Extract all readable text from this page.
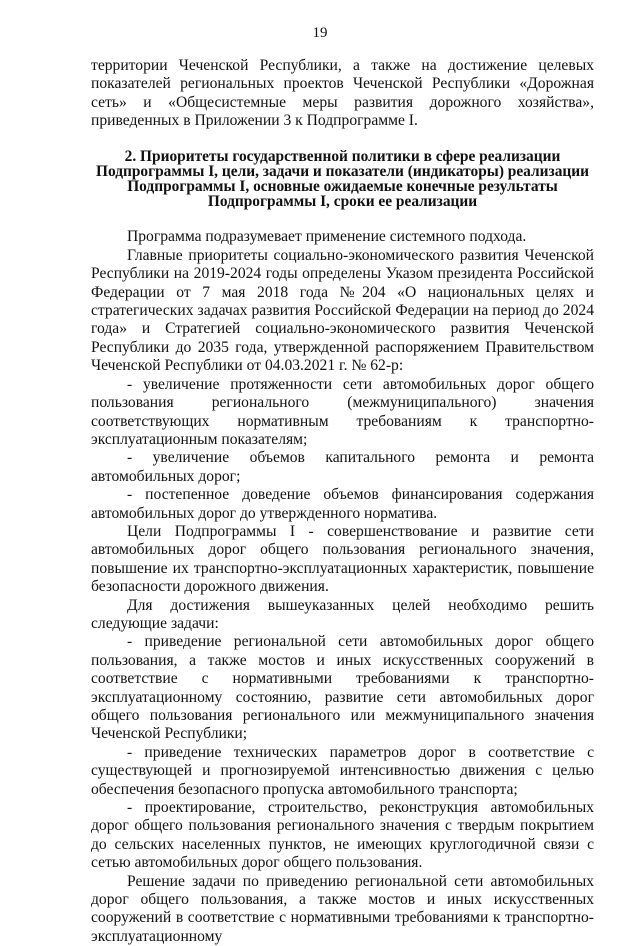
19

территории Чеченской Республики, а также на достижение целевых показателей региональных проектов Чеченской Республики «Дорожная сеть» и «Общесистемные меры развития дорожного хозяйства», приведенных в Приложении 3 к Подпрограмме I.

2. Приоритеты государственной политики в сфере реализации
Подпрограммы I, цели, задачи и показатели (индикаторы) реализации
Подпрограммы I, основные ожидаемые конечные результаты
Подпрограммы I, сроки ее реализации

Программа подразумевает применение системного подхода.

Главные приоритеты социально-экономического развития Чеченской Республики на 2019-2024 годы определены Указом президента Российской Федерации от 7 мая 2018 года №204 «О национальных целях и стратегических задачах развития Российской Федерации на период до 2024 года» и Стратегией социально-экономического развития Чеченской Республики до 2035 года, утвержденной распоряжением Правительством Чеченской Республики от 04.03.2021 г. № 62-р:

- увеличение протяженности сети автомобильных дорог общего пользования регионального (межмуниципального) значения соответствующих нормативным требованиям к транспортно-эксплуатационным показателям;

- увеличение объемов капитального ремонта и ремонта автомобильных дорог;

- постепенное доведение объемов финансирования содержания автомобильных дорог до утвержденного норматива.

Цели Подпрограммы I - совершенствование и развитие сети автомобильных дорог общего пользования регионального значения, повышение их транспортно-эксплуатационных характеристик, повышение безопасности дорожного движения.

Для достижения вышеуказанных целей необходимо решить следующие задачи:

- приведение региональной сети автомобильных дорог общего пользования, а также мостов и иных искусственных сооружений в соответствие с нормативными требованиями к транспортно-эксплуатационному состоянию, развитие сети автомобильных дорог общего пользования регионального или межмуниципального значения Чеченской Республики;

- приведение технических параметров дорог в соответствие с существующей и прогнозируемой интенсивностью движения с целью обеспечения безопасного пропуска автомобильного транспорта;

- проектирование, строительство, реконструкция автомобильных дорог общего пользования регионального значения с твердым покрытием до сельских населенных пунктов, не имеющих круглогодичной связи с сетью автомобильных дорог общего пользования.

Решение задачи по приведению региональной сети автомобильных дорог общего пользования, а также мостов и иных искусственных сооружений в соответствие с нормативными требованиями к транспортно-эксплуатационному
